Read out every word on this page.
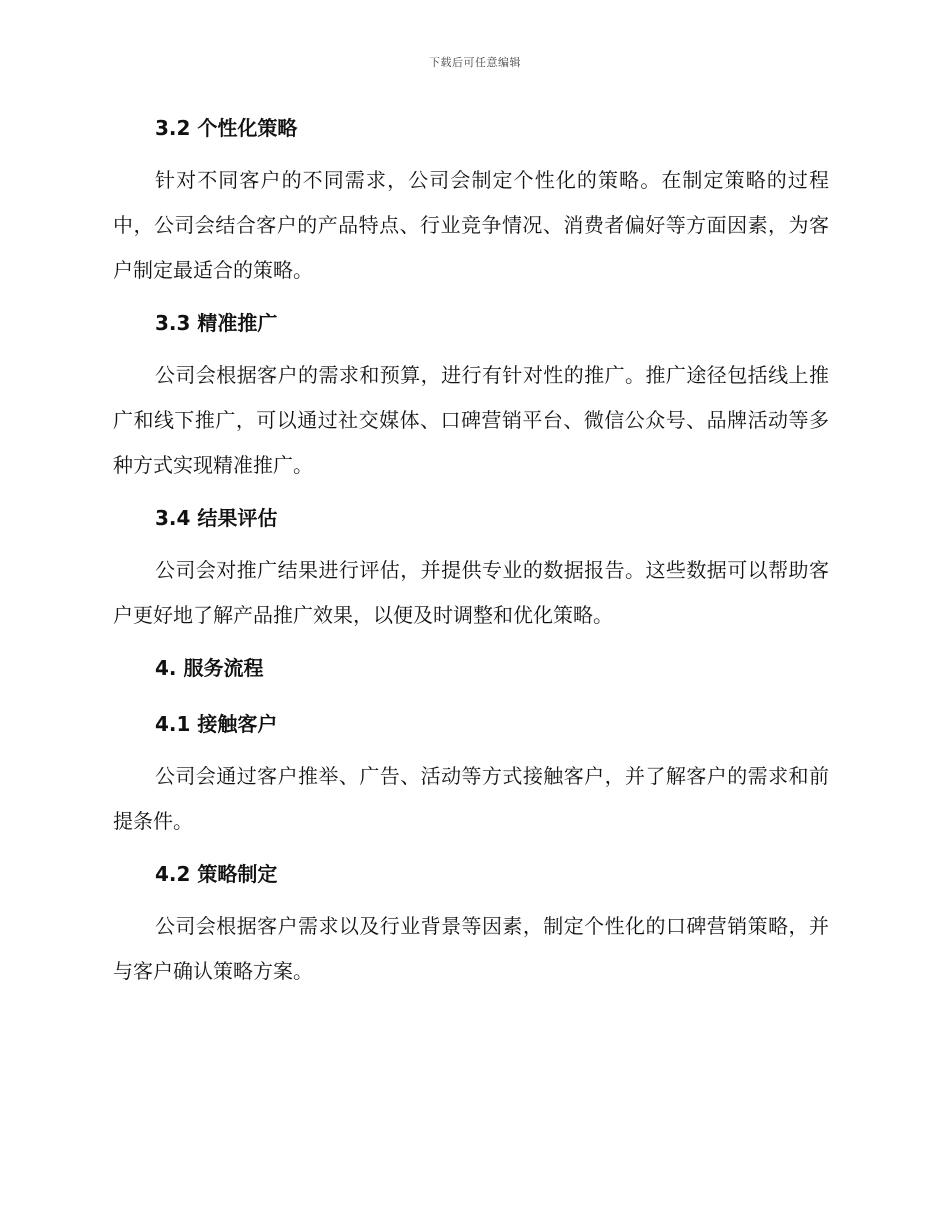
下载后可任意编辑
3.2 个性化策略

针对不同客户的不同需求，公司会制定个性化的策略。在制定策略的过程中，公司会结合客户的产品特点、行业竞争情况、消费者偏好等方面因素，为客户制定最适合的策略。

3.3 精准推广

公司会根据客户的需求和预算，进行有针对性的推广。推广途径包括线上推广和线下推广，可以通过社交媒体、口碑营销平台、微信公众号、品牌活动等多种方式实现精准推广。

3.4 结果评估

公司会对推广结果进行评估，并提供专业的数据报告。这些数据可以帮助客户更好地了解产品推广效果，以便及时调整和优化策略。

4. 服务流程
4.1 接触客户

公司会通过客户推举、广告、活动等方式接触客户，并了解客户的需求和前提条件。

4.2 策略制定

公司会根据客户需求以及行业背景等因素，制定个性化的口碑营销策略，并与客户确认策略方案。
